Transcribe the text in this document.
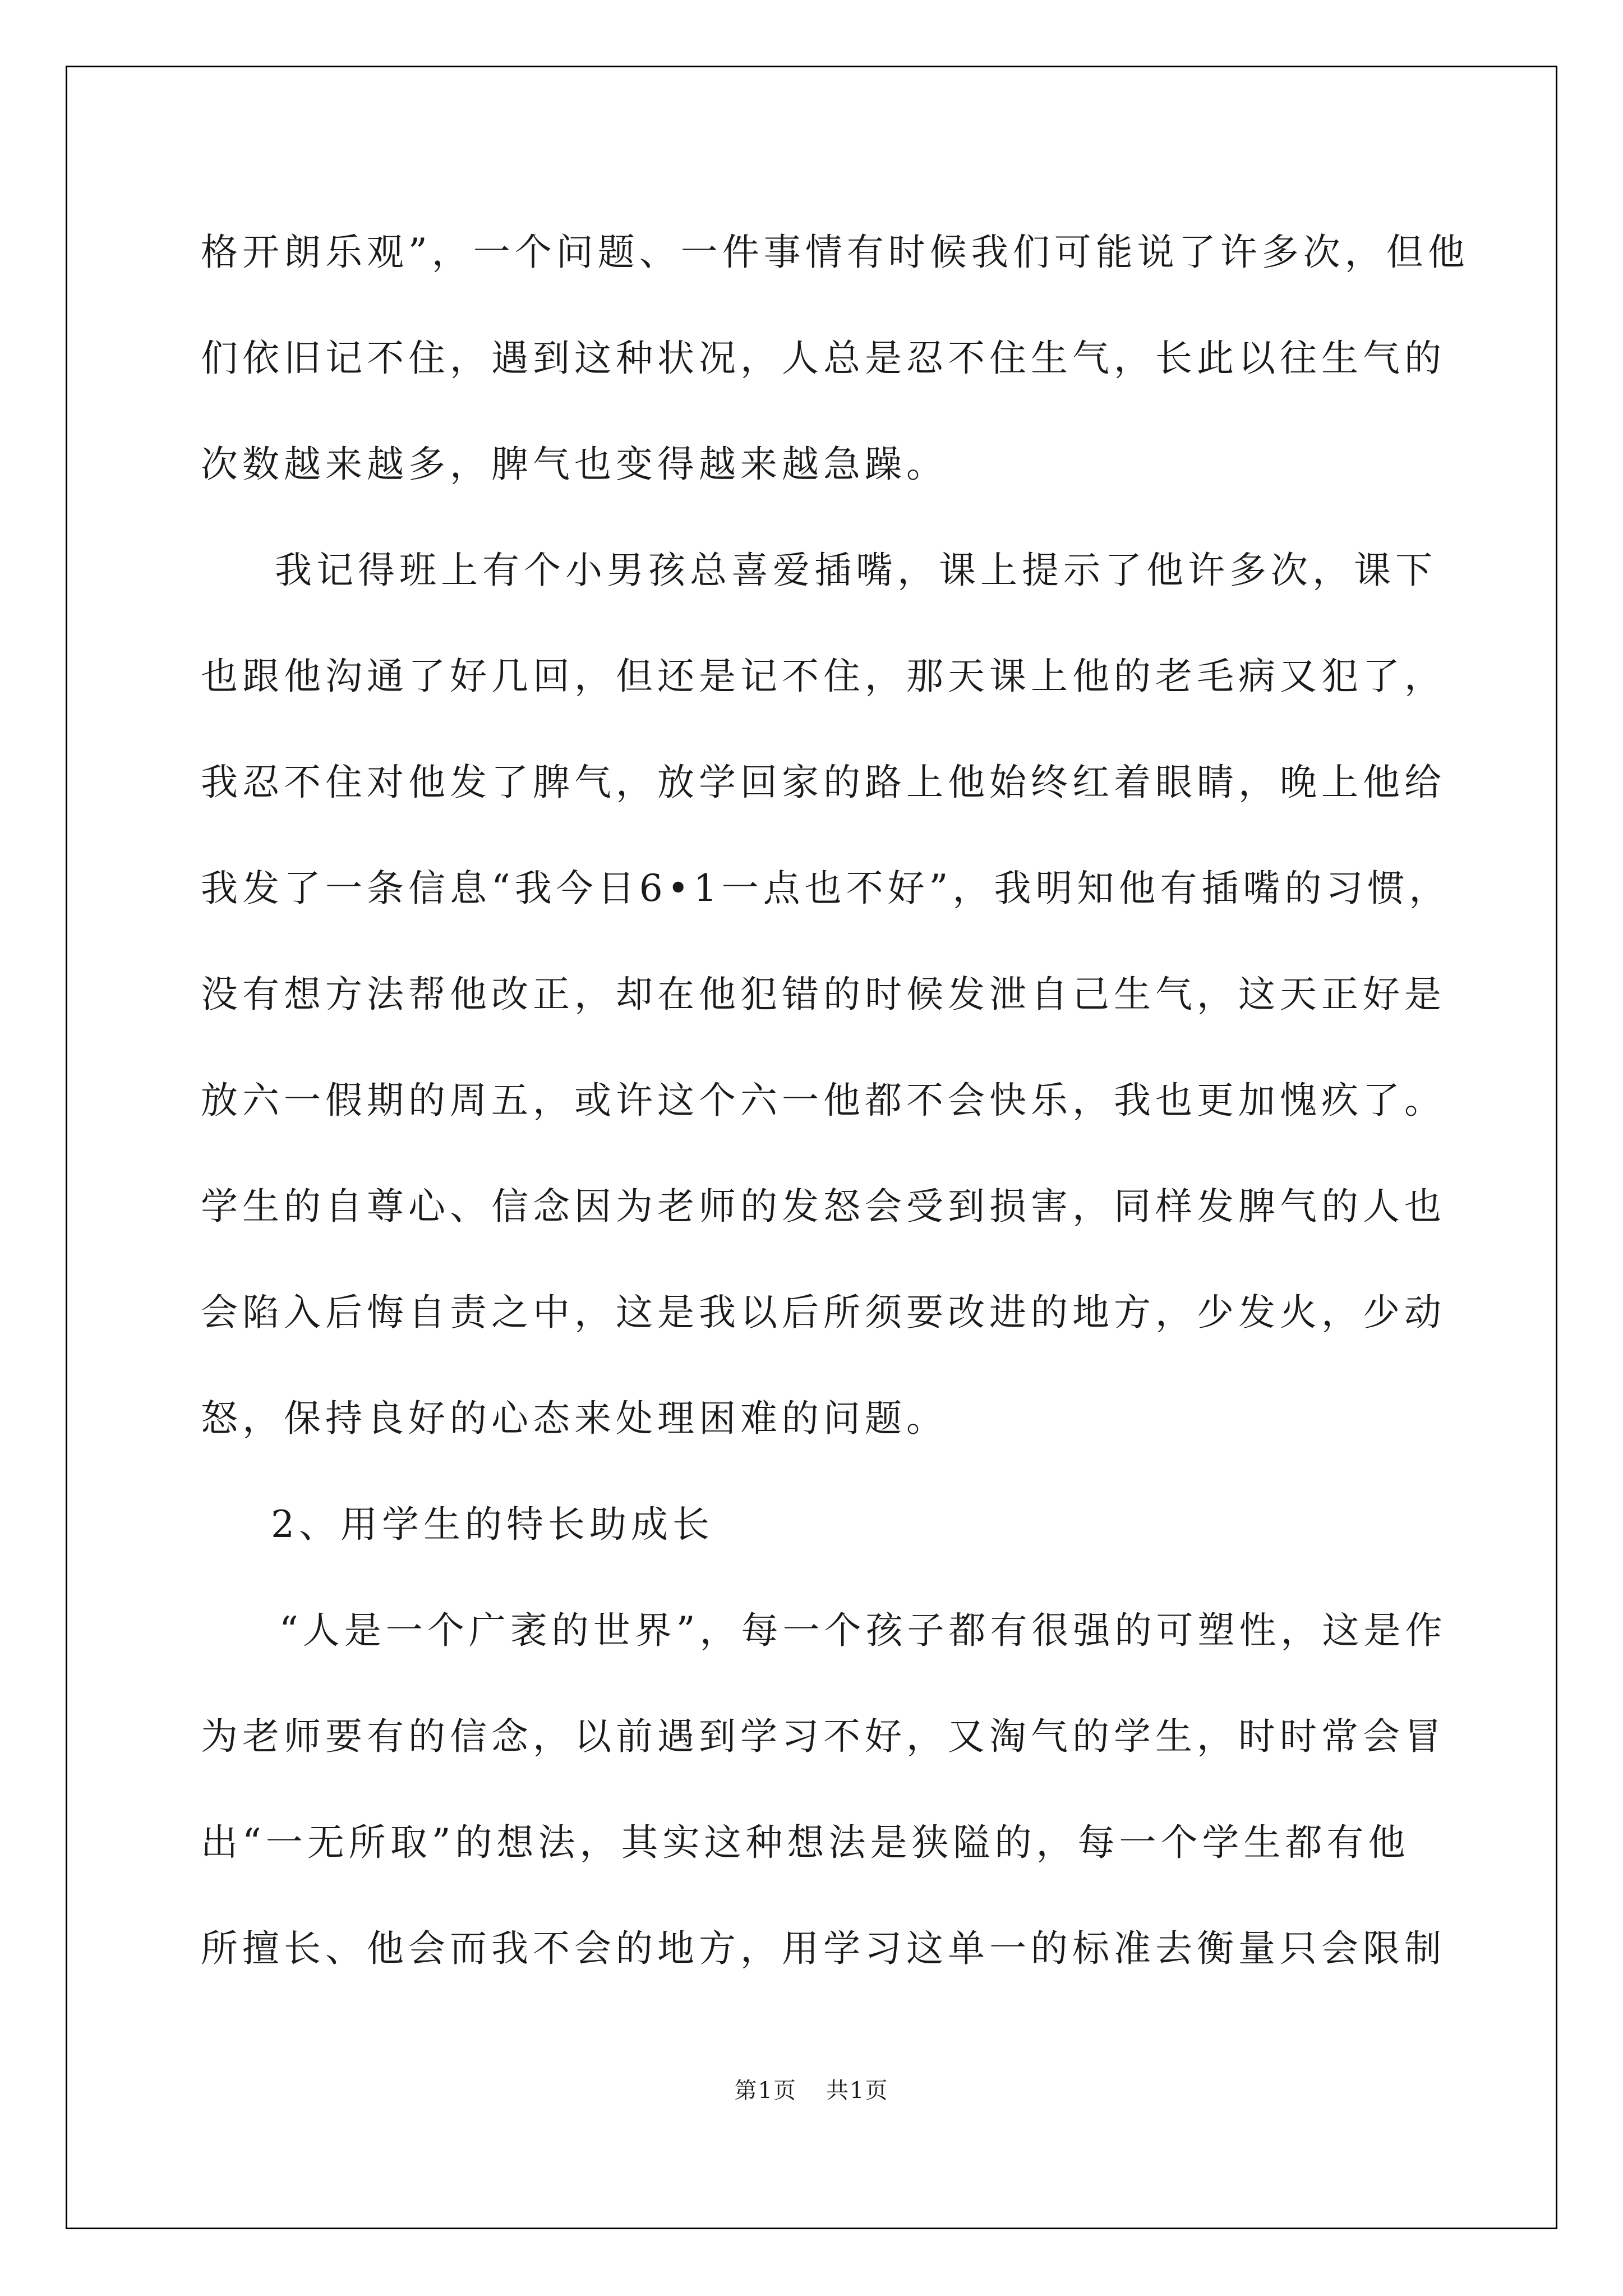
格开朗乐观”，一个问题、一件事情有时候我们可能说了许多次，但他
们依旧记不住，遇到这种状况，人总是忍不住生气，长此以往生气的
次数越来越多，脾气也变得越来越急躁。
我记得班上有个小男孩总喜爱插嘴，课上提示了他许多次，课下
也跟他沟通了好几回，但还是记不住，那天课上他的老毛病又犯了，
我忍不住对他发了脾气，放学回家的路上他始终红着眼睛，晚上他给
我发了一条信息“我今日6•1一点也不好”，我明知他有插嘴的习惯，
没有想方法帮他改正，却在他犯错的时候发泄自己生气，这天正好是
放六一假期的周五，或许这个六一他都不会快乐，我也更加愧疚了。
学生的自尊心、信念因为老师的发怒会受到损害，同样发脾气的人也
会陷入后悔自责之中，这是我以后所须要改进的地方，少发火，少动
怒，保持良好的心态来处理困难的问题。
2、用学生的特长助成长
“人是一个广袤的世界”，每一个孩子都有很强的可塑性，这是作
为老师要有的信念，以前遇到学习不好，又淘气的学生，时时常会冒
出“一无所取”的想法，其实这种想法是狭隘的，每一个学生都有他
所擅长、他会而我不会的地方，用学习这单一的标准去衡量只会限制
第1页 共1页
